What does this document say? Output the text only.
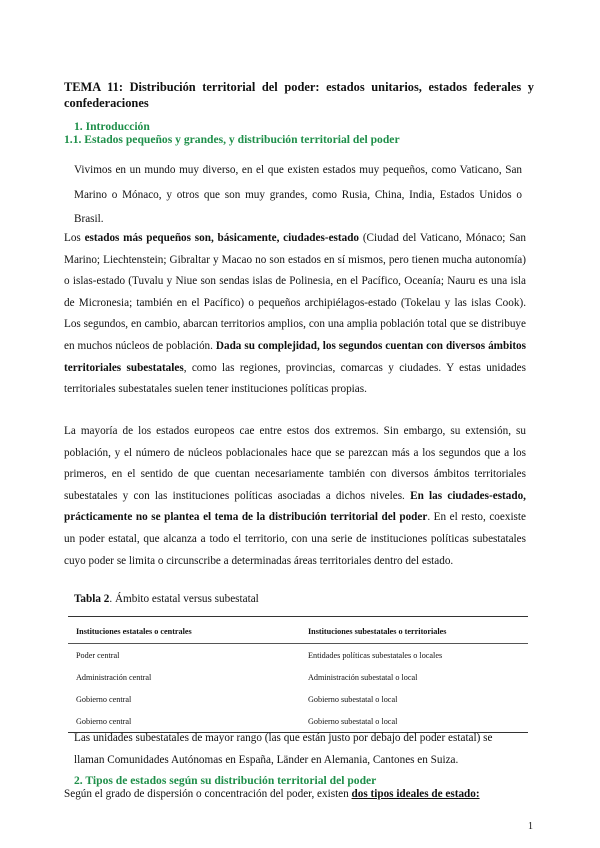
TEMA 11: Distribución territorial del poder: estados unitarios, estados federales y confederaciones
1. Introducción
1.1. Estados pequeños y grandes, y distribución territorial del poder
Vivimos en un mundo muy diverso, en el que existen estados muy pequeños, como Vaticano, San Marino o Mónaco, y otros que son muy grandes, como Rusia, China, India, Estados Unidos o Brasil.
Los estados más pequeños son, básicamente, ciudades-estado (Ciudad del Vaticano, Mónaco; San Marino; Liechtenstein; Gibraltar y Macao no son estados en sí mismos, pero tienen mucha autonomía) o islas-estado (Tuvalu y Niue son sendas islas de Polinesia, en el Pacífico, Oceanía; Nauru es una isla de Micronesia; también en el Pacífico) o pequeños archipiélagos-estado (Tokelau y las islas Cook). Los segundos, en cambio, abarcan territorios amplios, con una amplia población total que se distribuye en muchos núcleos de población. Dada su complejidad, los segundos cuentan con diversos ámbitos territoriales subestatales, como las regiones, provincias, comarcas y ciudades. Y estas unidades territoriales subestatales suelen tener instituciones políticas propias.
La mayoría de los estados europeos cae entre estos dos extremos. Sin embargo, su extensión, su población, y el número de núcleos poblacionales hace que se parezcan más a los segundos que a los primeros, en el sentido de que cuentan necesariamente también con diversos ámbitos territoriales subestatales y con las instituciones políticas asociadas a dichos niveles. En las ciudades-estado, prácticamente no se plantea el tema de la distribución territorial del poder. En el resto, coexiste un poder estatal, que alcanza a todo el territorio, con una serie de instituciones políticas subestatales cuyo poder se limita o circunscribe a determinadas áreas territoriales dentro del estado.
Tabla 2. Ámbito estatal versus subestatal
Instituciones estatales o centrales	Instituciones subestatales o territoriales
Poder central	Entidades políticas subestatales o locales
Administración central	Administración subestatal o local
Gobierno central	Gobierno subestatal o local
Gobierno central	Gobierno subestatal o local
Las unidades subestatales de mayor rango (las que están justo por debajo del poder estatal) se llaman Comunidades Autónomas en España, Länder en Alemania, Cantones en Suiza.
2. Tipos de estados según su distribución territorial del poder
Según el grado de dispersión o concentración del poder, existen dos tipos ideales de estado:
1
